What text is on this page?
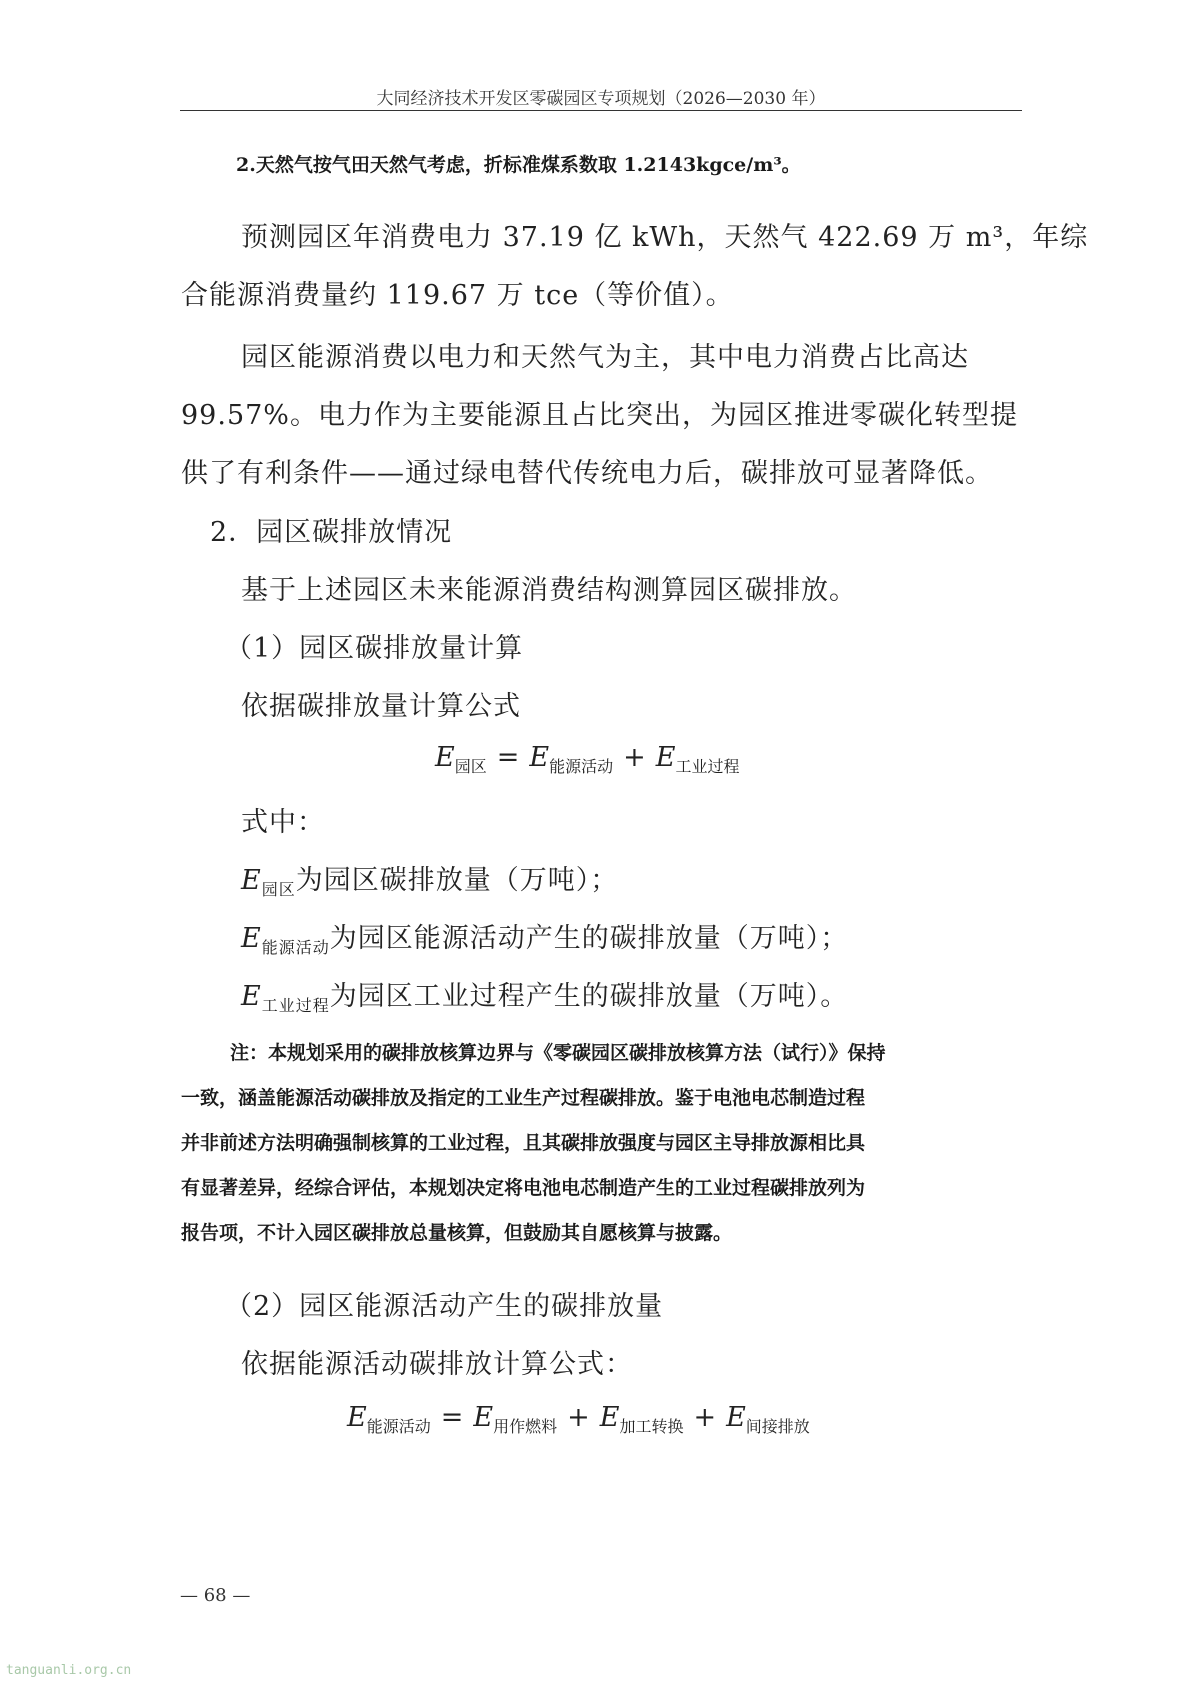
大同经济技术开发区零碳园区专项规划（2026—2030 年）
2.天然气按气田天然气考虑，折标准煤系数取 1.2143kgce/m³。
预测园区年消费电力 37.19 亿 kWh，天然气 422.69 万 m³，年综
合能源消费量约 119.67 万 tce（等价值）。
园区能源消费以电力和天然气为主，其中电力消费占比高达
99.57%。电力作为主要能源且占比突出，为园区推进零碳化转型提
供了有利条件——通过绿电替代传统电力后，碳排放可显著降低。
2．园区碳排放情况
基于上述园区未来能源消费结构测算园区碳排放。
（1）园区碳排放量计算
依据碳排放量计算公式
$E_{园区} = E_{能源活动} + E_{工业过程}$
式中：
$E_{园区}$为园区碳排放量（万吨）；
$E_{能源活动}$为园区能源活动产生的碳排放量（万吨）；
$E_{工业过程}$为园区工业过程产生的碳排放量（万吨）。
注：本规划采用的碳排放核算边界与《零碳园区碳排放核算方法（试行）》保持
一致，涵盖能源活动碳排放及指定的工业生产过程碳排放。鉴于电池电芯制造过程
并非前述方法明确强制核算的工业过程，且其碳排放强度与园区主导排放源相比具
有显著差异，经综合评估，本规划决定将电池电芯制造产生的工业过程碳排放列为
报告项，不计入园区碳排放总量核算，但鼓励其自愿核算与披露。
（2）园区能源活动产生的碳排放量
依据能源活动碳排放计算公式：
$E_{能源活动} = E_{用作燃料} + E_{加工转换} + E_{间接排放}$
— 68 —
tanguanli.org.cn
